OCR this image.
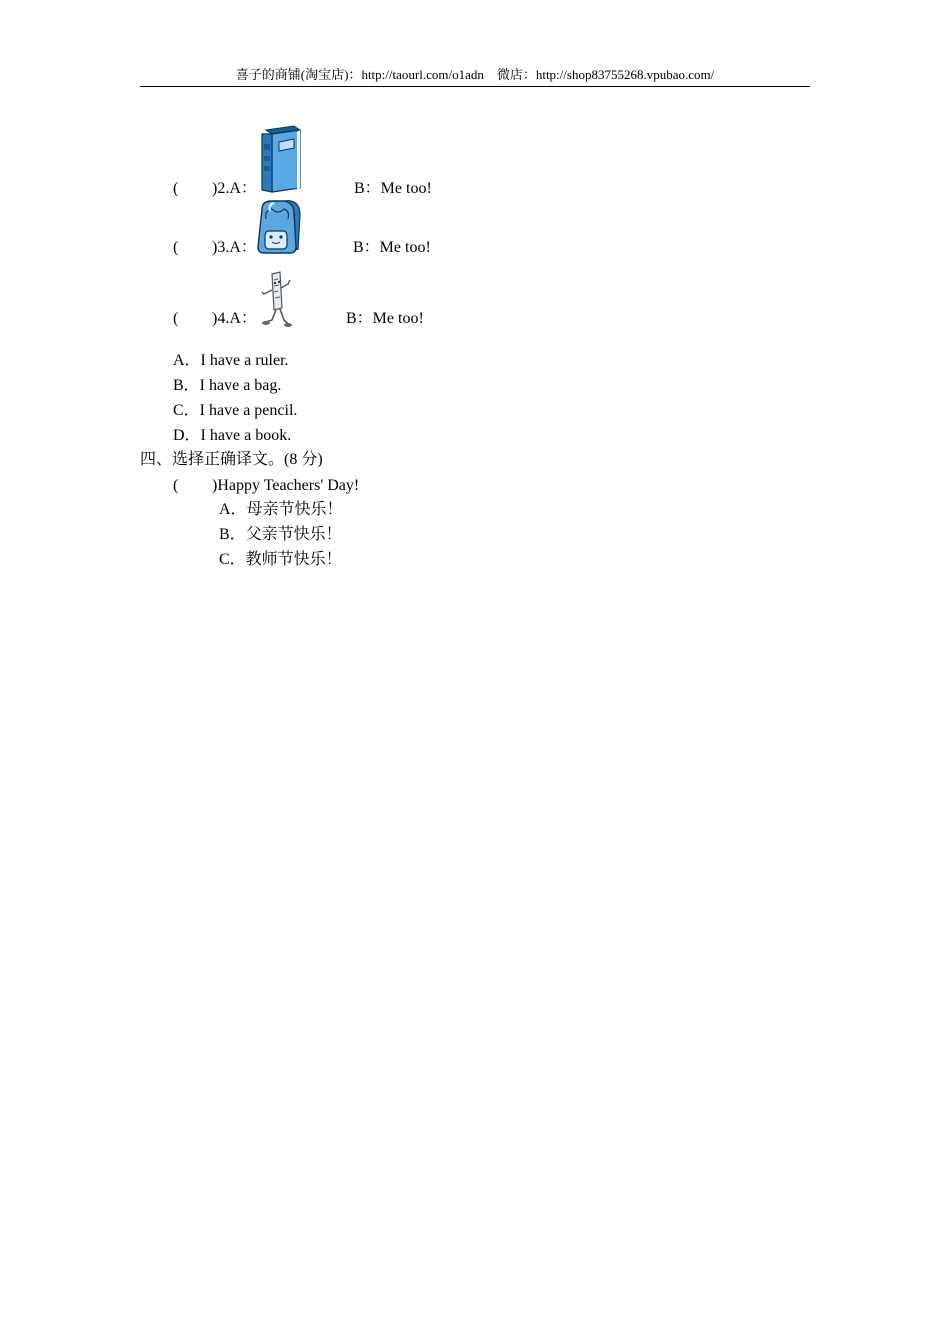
喜子的商铺(淘宝店)：http://taourl.com/o1adn　微店：http://shop83755268.vpubao.com/
( )2.A：	B：Me too!
( )3.A：	B：Me too!
( )4.A：	B：Me too!
A．I have a ruler.
B．I have a bag.
C．I have a pencil.
D．I have a book.
四、选择正确译文。(8 分)
( )Happy Teachers' Day!
A．母亲节快乐！
B．父亲节快乐！
C．教师节快乐！
